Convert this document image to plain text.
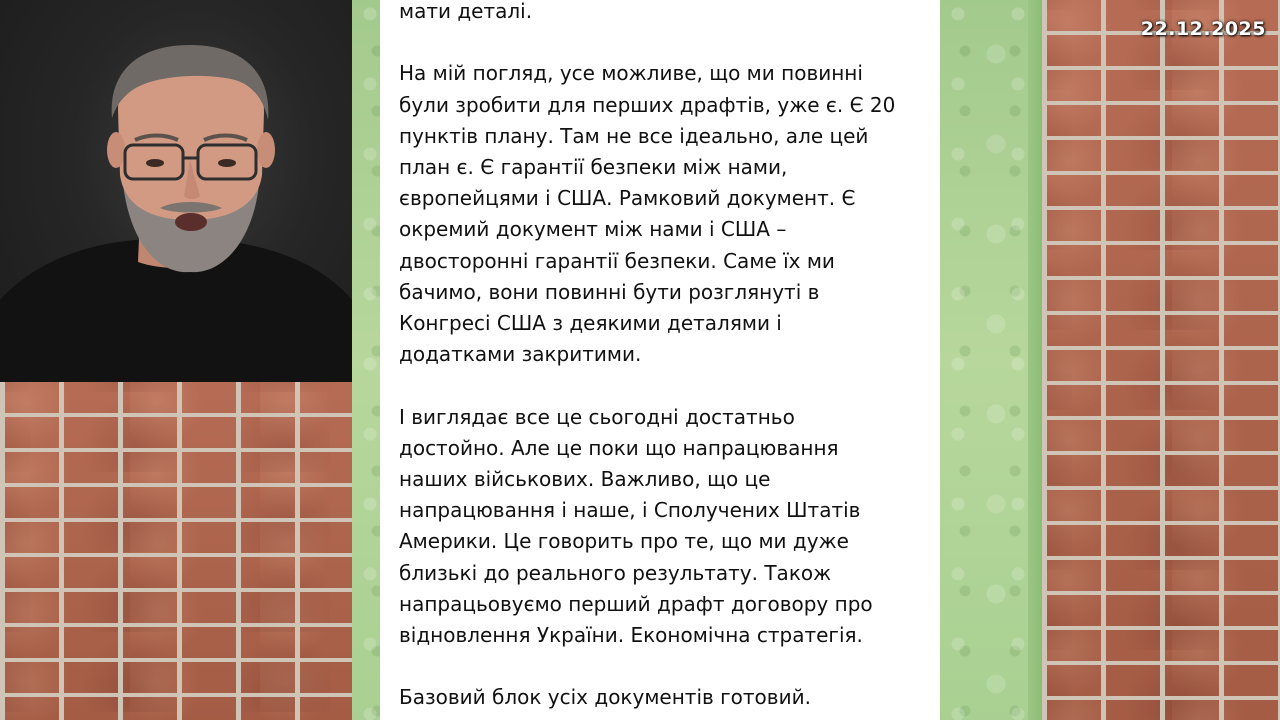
22.12.2025

мати деталі.

На мій погляд, усе можливе, що ми повинні
були зробити для перших драфтів, уже є. Є 20
пунктів плану. Там не все ідеально, але цей
план є. Є гарантії безпеки між нами,
європейцями і США. Рамковий документ. Є
окремий документ між нами і США –
двосторонні гарантії безпеки. Саме їх ми
бачимо, вони повинні бути розглянуті в
Конгресі США з деякими деталями і
додатками закритими.

І виглядає все це сьогодні достатньо
достойно. Але це поки що напрацювання
наших військових. Важливо, що це
напрацювання і наше, і Сполучених Штатів
Америки. Це говорить про те, що ми дуже
близькі до реального результату. Також
напрацьовуємо перший драфт договору про
відновлення України. Економічна стратегія.

Базовий блок усіх документів готовий.
